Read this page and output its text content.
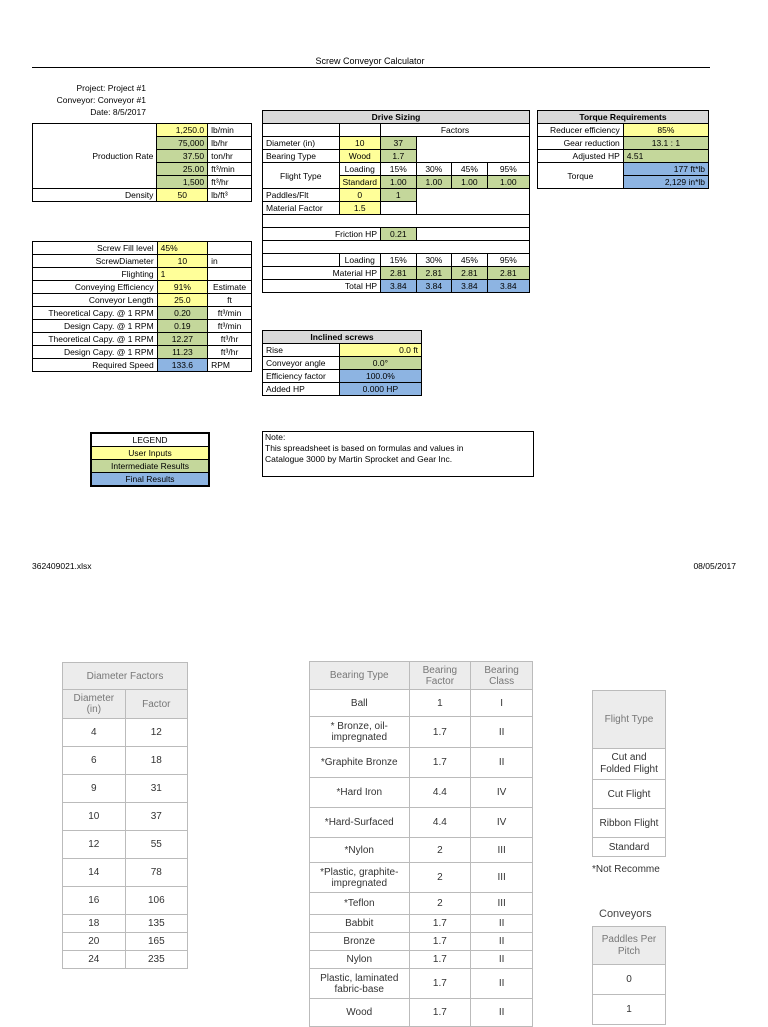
Screw Conveyor Calculator
Project: Project #1
Conveyor: Conveyor #1
Date: 8/5/2017
Production Rate	1,250.0	lb/min
	75,000	lb/hr
	37.50	ton/hr
	25.00	ft³/min
	1,500	ft³/hr
Density	50	lb/ft³
Screw Fill level	45%	
ScrewDiameter	10	in
Flighting	1	
Conveying Efficiency	91%	Estimate
Conveyor Length	25.0	ft
Theoretical Capy. @ 1 RPM	0.20	ft³/min
Design Capy. @ 1 RPM	0.19	ft³/min
Theoretical Capy. @ 1 RPM	12.27	ft³/hr
Design Capy. @ 1 RPM	11.23	ft³/hr
Required Speed	133.6	RPM
Drive Sizing					
		Factors			
Diameter (in)	10	37			
Bearing Type	Wood	1.7			
Flight Type	Loading	15%	30%	45%	95%
	Standard	1.00	1.00	1.00	1.00
Paddles/Flt	0	1			
Material Factor	1.5				

Friction HP		0.21			

	Loading	15%	30%	45%	95%
Material HP		2.81	2.81	2.81	2.81
Total HP		3.84	3.84	3.84	3.84
Inclined screws	
Rise	0.0 ft
Conveyor angle	0.0°
Efficiency factor	100.0%
Added HP	0.000 HP
Torque Requirements	
Reducer efficiency	85%
Gear reduction	13.1 : 1
Adjusted HP	4.51
Torque	177 ft*lb
	2,129 in*lb
LEGEND
User Inputs
Intermediate Results
Final Results
Note:
This spreadsheet is based on formulas and values in
Catalogue 3000 by Martin Sprocket and Gear Inc.
362409021.xlsx	08/05/2017
Diameter Factors	
Diameter (in)	Factor
4	12
6	18
9	31
10	37
12	55
14	78
16	106
18	135
20	165
24	235
Bearing Type	Bearing Factor	Bearing Class
Ball	1	I
* Bronze, oil-impregnated	1.7	II
*Graphite Bronze	1.7	II
*Hard Iron	4.4	IV
*Hard-Surfaced	4.4	IV
*Nylon	2	III
*Plastic, graphite-impregnated	2	III
*Teflon	2	III
Babbit	1.7	II
Bronze	1.7	II
Nylon	1.7	II
Plastic, laminated fabric-base	1.7	II
Wood	1.7	II
Flight Type
Cut and Folded Flight
Cut Flight
Ribbon Flight
Standard
*Not Recomme
Conveyors
Paddles Per Pitch
0
1
